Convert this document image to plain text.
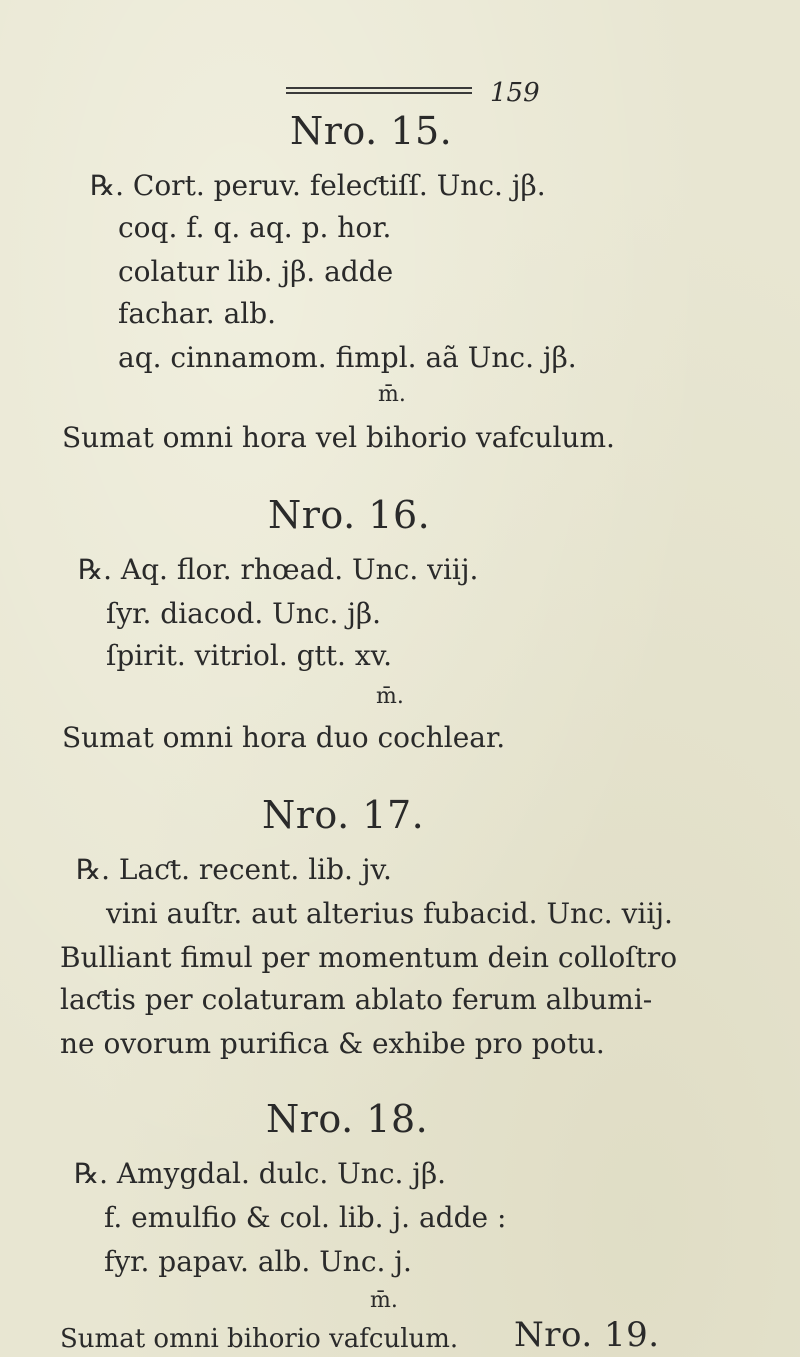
159
Nro. 15.
℞. Cort. peruv. feleƈtiſſ. Unc. jβ.
coq. f. q. aq. p. hor.
colatur lib. jβ. adde
fachar. alb.
aq. cinnamom. fimpl. aã Unc. jβ.
m̄.
Sumat omni hora vel bihorio vafculum.
Nro. 16.
℞. Aq. flor. rhœad. Unc. viij.
ſyr. diacod. Unc. jβ.
ſpirit. vitriol. gtt. xv.
m̄.
Sumat omni hora duo cochlear.
Nro. 17.
℞. Laƈt. recent. lib. jv.
vini auſtr. aut alterius fubacid. Unc. viij.
Bulliant fimul per momentum dein colloſtro
laƈtis per colaturam ablato ferum albumi-
ne ovorum purifica & exhibe pro potu.
Nro. 18.
℞. Amygdal. dulc. Unc. jβ.
f. emulfio & col. lib. j. adde :
fyr. papav. alb. Unc. j.
m̄.
Sumat omni bihorio vafculum. Nro. 19.
